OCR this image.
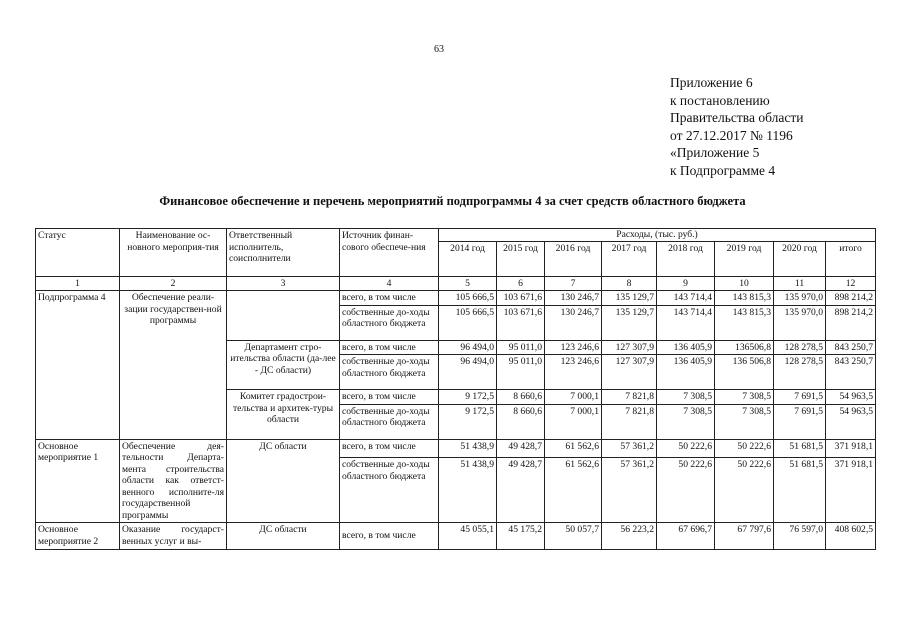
63
Приложение 6
к постановлению
Правительства области
от 27.12.2017 № 1196
«Приложение 5
к Подпрограмме 4
Финансовое обеспечение и перечень мероприятий подпрограммы 4 за счет средств областного бюджета
Статус	Наименование ос-новного мероприя-тия	Ответственный исполнитель, соисполнители	Источник финан-сового обеспече-ния	Расходы, (тыс. руб.)							
				2014 год	2015 год	2016 год	2017 год	2018 год	2019 год	2020 год	итого
1	2	3	4	5	6	7	8	9	10	11	12
Подпрограмма 4	Обеспечение реали-зации государствен-ной программы		всего, в том числе	105 666,5	103 671,6	130 246,7	135 129,7	143 714,4	143 815,3	135 970,0	898 214,2
			собственные до-ходы областного бюджета	105 666,5	103 671,6	130 246,7	135 129,7	143 714,4	143 815,3	135 970,0	898 214,2
		Департамент стро-ительства области (да-лее - ДС области)	всего, в том числе	96 494,0	95 011,0	123 246,6	127 307,9	136 405,9	136506,8	128 278,5	843 250,7
			собственные до-ходы областного бюджета	96 494,0	95 011,0	123 246,6	127 307,9	136 405,9	136 506,8	128 278,5	843 250,7
		Комитет градострои-тельства и архитек-туры области	всего, в том числе	9 172,5	8 660,6	7 000,1	7 821,8	7 308,5	7 308,5	7 691,5	54 963,5
			собственные до-ходы областного бюджета	9 172,5	8 660,6	7 000,1	7 821,8	7 308,5	7 308,5	7 691,5	54 963,5
Основное мероприятие 1	Обеспечение дея-тельности Департа-мента строительства области как ответст-венного исполните-ля государственной программы	ДС области	всего, в том числе	51 438,9	49 428,7	61 562,6	57 361,2	50 222,6	50 222,6	51 681,5	371 918,1
			собственные до-ходы областного бюджета	51 438,9	49 428,7	61 562,6	57 361,2	50 222,6	50 222,6	51 681,5	371 918,1
Основное мероприятие 2	Оказание государст-венных услуг и вы-	ДС области	всего, в том числе	45 055,1	45 175,2	50 057,7	56 223,2	67 696,7	67 797,6	76 597,0	408 602,5
